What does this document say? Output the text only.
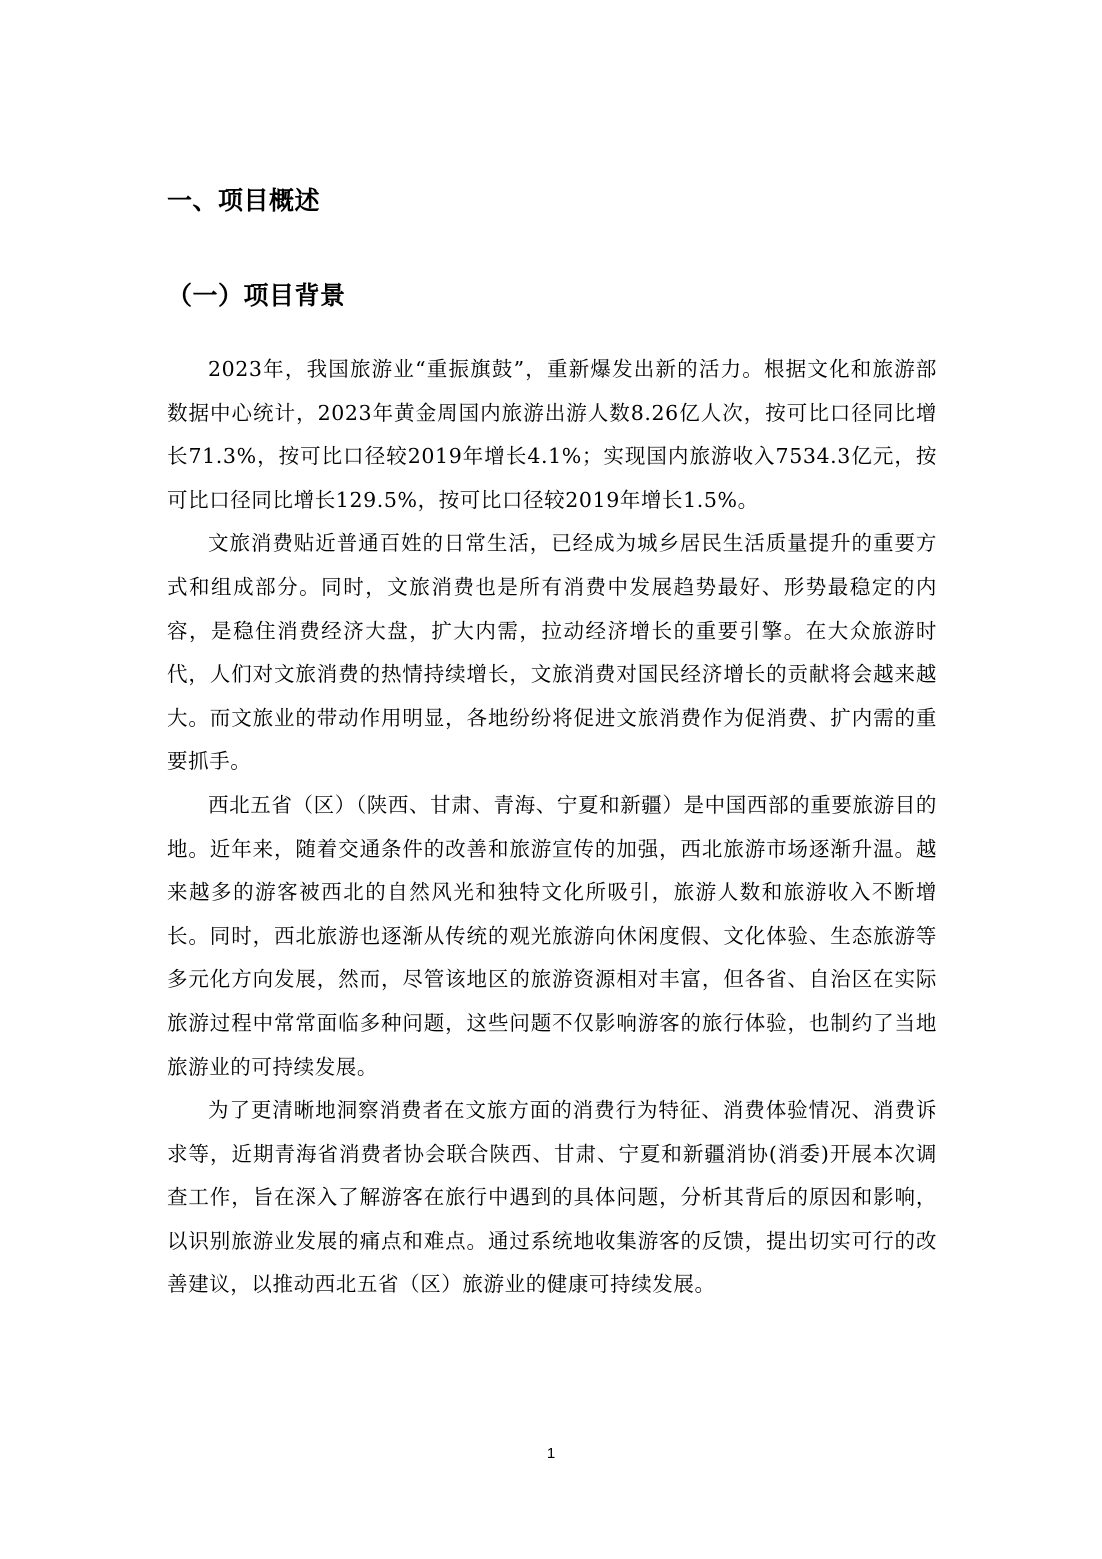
一、项目概述
（一）项目背景

2023年，我国旅游业“重振旗鼓”，重新爆发出新的活力。根据文化和旅游部数据中心统计，2023年黄金周国内旅游出游人数8.26亿人次，按可比口径同比增长71.3%，按可比口径较2019年增长4.1%；实现国内旅游收入7534.3亿元，按可比口径同比增长129.5%，按可比口径较2019年增长1.5%。

文旅消费贴近普通百姓的日常生活，已经成为城乡居民生活质量提升的重要方式和组成部分。同时，文旅消费也是所有消费中发展趋势最好、形势最稳定的内容，是稳住消费经济大盘，扩大内需，拉动经济增长的重要引擎。在大众旅游时代，人们对文旅消费的热情持续增长，文旅消费对国民经济增长的贡献将会越来越大。而文旅业的带动作用明显，各地纷纷将促进文旅消费作为促消费、扩内需的重要抓手。

西北五省（区）（陕西、甘肃、青海、宁夏和新疆）是中国西部的重要旅游目的地。近年来，随着交通条件的改善和旅游宣传的加强，西北旅游市场逐渐升温。越来越多的游客被西北的自然风光和独特文化所吸引，旅游人数和旅游收入不断增长。同时，西北旅游也逐渐从传统的观光旅游向休闲度假、文化体验、生态旅游等多元化方向发展，然而，尽管该地区的旅游资源相对丰富，但各省、自治区在实际旅游过程中常常面临多种问题，这些问题不仅影响游客的旅行体验，也制约了当地旅游业的可持续发展。

为了更清晰地洞察消费者在文旅方面的消费行为特征、消费体验情况、消费诉求等，近期青海省消费者协会联合陕西、甘肃、宁夏和新疆消协(消委)开展本次调查工作，旨在深入了解游客在旅行中遇到的具体问题，分析其背后的原因和影响，以识别旅游业发展的痛点和难点。通过系统地收集游客的反馈，提出切实可行的改善建议，以推动西北五省（区）旅游业的健康可持续发展。

1
